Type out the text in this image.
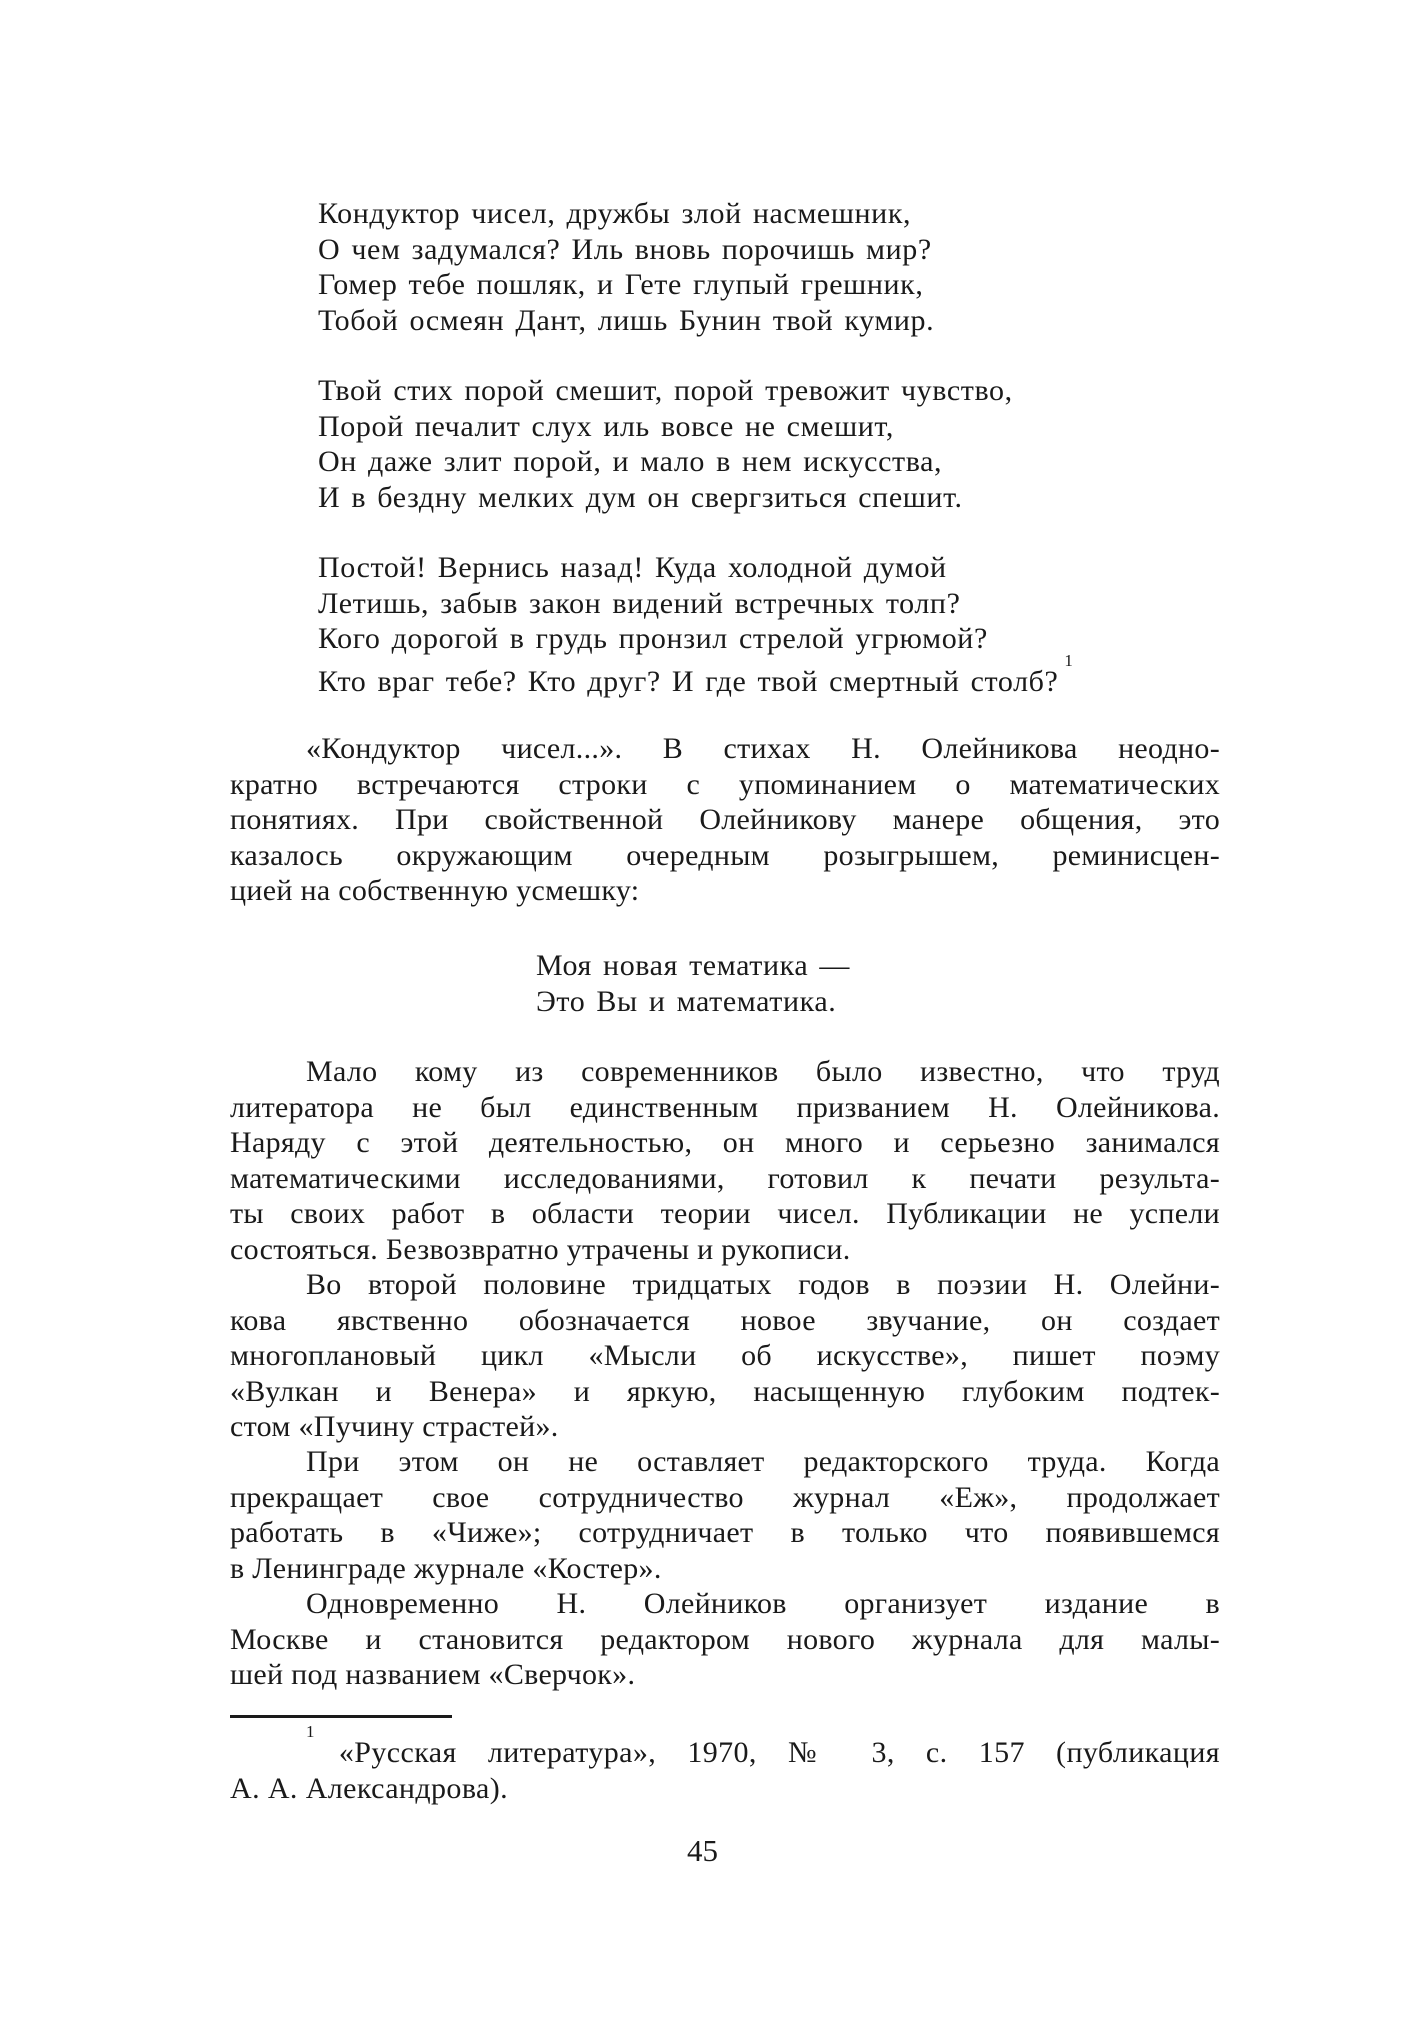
Кондуктор чисел, дружбы злой насмешник,
О чем задумался? Иль вновь порочишь мир?
Гомер тебе пошляк, и Гете глупый грешник,
Тобой осмеян Дант, лишь Бунин твой кумир.
Твой стих порой смешит, порой тревожит чувство,
Порой печалит слух иль вовсе не смешит,
Он даже злит порой, и мало в нем искусства,
И в бездну мелких дум он свергзиться спешит.
Постой! Вернись назад! Куда холодной думой
Летишь, забыв закон видений встречных толп?
Кого дорогой в грудь пронзил стрелой угрюмой?
Кто враг тебе? Кто друг? И где твой смертный столб?$^1$
«Кондуктор чисел...». В стихах Н. Олейникова неодно-
кратно встречаются строки с упоминанием о математических
понятиях. При свойственной Олейникову манере общения, это
казалось окружающим очередным розыгрышем, реминисцен-
цией на собственную усмешку:
Моя новая тематика —
Это Вы и математика.
Мало кому из современников было известно, что труд
литератора не был единственным призванием Н. Олейникова.
Наряду с этой деятельностью, он много и серьезно занимался
математическими исследованиями, готовил к печати результа-
ты своих работ в области теории чисел. Публикации не успели
состояться. Безвозвратно утрачены и рукописи.
Во второй половине тридцатых годов в поэзии Н. Олейни-
кова явственно обозначается новое звучание, он создает
многоплановый цикл «Мысли об искусстве», пишет поэму
«Вулкан и Венера» и яркую, насыщенную глубоким подтек-
стом «Пучину страстей».
При этом он не оставляет редакторского труда. Когда
прекращает свое сотрудничество журнал «Еж», продолжает
работать в «Чиже»; сотрудничает в только что появившемся
в Ленинграде журнале «Костер».
Одновременно Н. Олейников организует издание в
Москве и становится редактором нового журнала для малы-
шей под названием «Сверчок».
$^1$«Русская литература», 1970, № 3, с. 157 (публикация
А. А. Александрова).
45
